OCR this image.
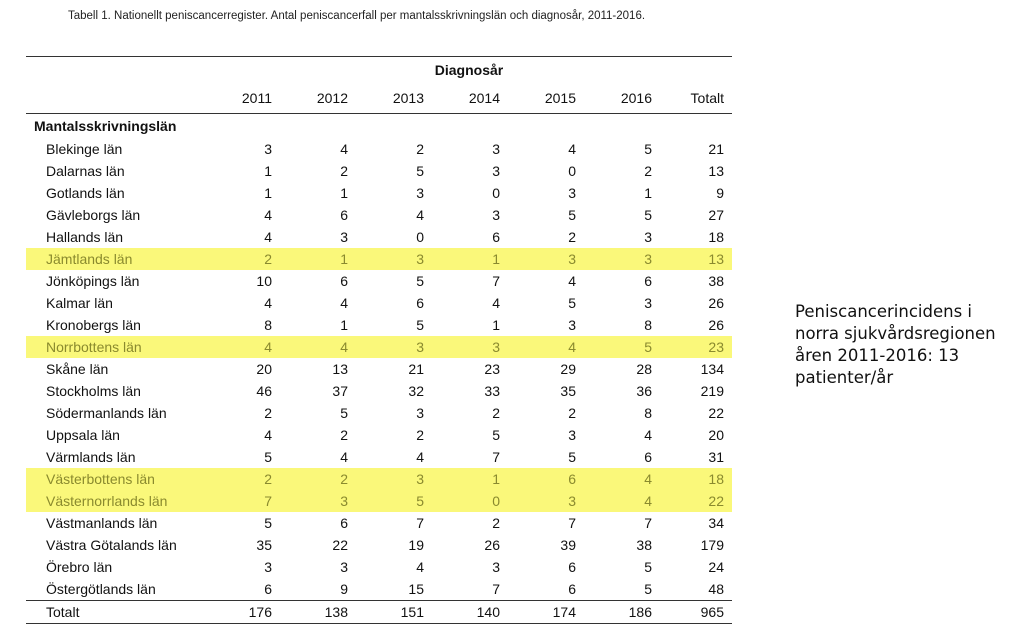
Tabell 1. Nationellt peniscancerregister. Antal peniscancerfall per mantalsskrivningslän och diagnosår, 2011-2016.
	Diagnosår						
	2011	2012	2013	2014	2015	2016	Totalt
Mantalsskrivningslän							
Blekinge län	3	4	2	3	4	5	21
Dalarnas län	1	2	5	3	0	2	13
Gotlands län	1	1	3	0	3	1	9
Gävleborgs län	4	6	4	3	5	5	27
Hallands län	4	3	0	6	2	3	18
Jämtlands län	2	1	3	1	3	3	13
Jönköpings län	10	6	5	7	4	6	38
Kalmar län	4	4	6	4	5	3	26
Kronobergs län	8	1	5	1	3	8	26
Norrbottens län	4	4	3	3	4	5	23
Skåne län	20	13	21	23	29	28	134
Stockholms län	46	37	32	33	35	36	219
Södermanlands län	2	5	3	2	2	8	22
Uppsala län	4	2	2	5	3	4	20
Värmlands län	5	4	4	7	5	6	31
Västerbottens län	2	2	3	1	6	4	18
Västernorrlands län	7	3	5	0	3	4	22
Västmanlands län	5	6	7	2	7	7	34
Västra Götalands län	35	22	19	26	39	38	179
Örebro län	3	3	4	3	6	5	24
Östergötlands län	6	9	15	7	6	5	48
Totalt	176	138	151	140	174	186	965
Peniscancerincidens i norra sjukvårdsregionen åren 2011-2016: 13 patienter/år
